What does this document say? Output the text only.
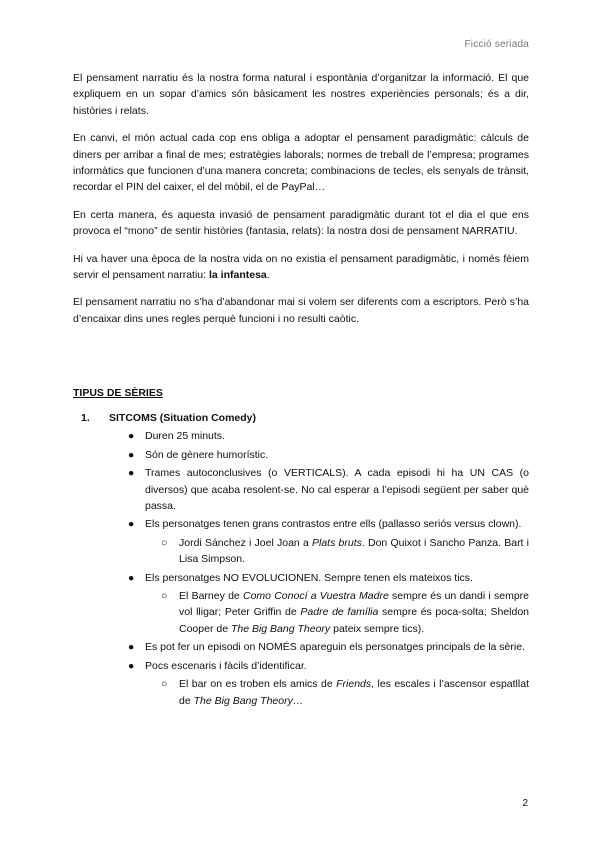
Ficció seriada

El pensament narratiu és la nostra forma natural i espontània d’organitzar la informació. El que expliquem en un sopar d’amics són bàsicament les nostres experiències personals; és a dir, històries i relats.

En canvi, el món actual cada cop ens obliga a adoptar el pensament paradigmàtic: càlculs de diners per arribar a final de mes; estratègies laborals; normes de treball de l’empresa; programes informàtics que funcionen d’una manera concreta; combinacions de tecles, els senyals de trànsit, recordar el PIN del caixer, el del mòbil, el de PayPal…

En certa manera, és aquesta invasió de pensament paradigmàtic durant tot el dia el que ens provoca el “mono” de sentir històries (fantasia, relats): la nostra dosi de pensament NARRATIU.

Hi va haver una època de la nostra vida on no existia el pensament paradigmàtic, i només fèiem servir el pensament narratiu: la infantesa.

El pensament narratiu no s’ha d’abandonar mai si volem ser diferents com a escriptors. Però s’ha d’encaixar dins unes regles perquè funcioni i no resulti caòtic.

TIPUS DE SÈRIES
1. SITCOMS (Situation Comedy)
● Duren 25 minuts.
● Són de gènere humorístic.
● Trames autoconclusives (o VERTICALS). A cada episodi hi ha UN CAS (o diversos) que acaba resolent-se. No cal esperar a l’episodi següent per saber què passa.
● Els personatges tenen grans contrastos entre ells (pallasso seriós versus clown).
○ Jordi Sánchez i Joel Joan a Plats bruts. Don Quixot i Sancho Panza. Bart i Lisa Simpson.
● Els personatges NO EVOLUCIONEN. Sempre tenen els mateixos tics.
○ El Barney de Como Conocí a Vuestra Madre sempre és un dandi i sempre vol lligar; Peter Griffin de Padre de família sempre és poca-solta; Sheldon Cooper de The Big Bang Theory pateix sempre tics).
● Es pot fer un episodi on NOMÉS apareguin els personatges principals de la sèrie.
● Pocs escenaris i fàcils d’identificar.
○ El bar on es troben els amics de Friends, les escales i l’ascensor espatllat de The Big Bang Theory…
2
